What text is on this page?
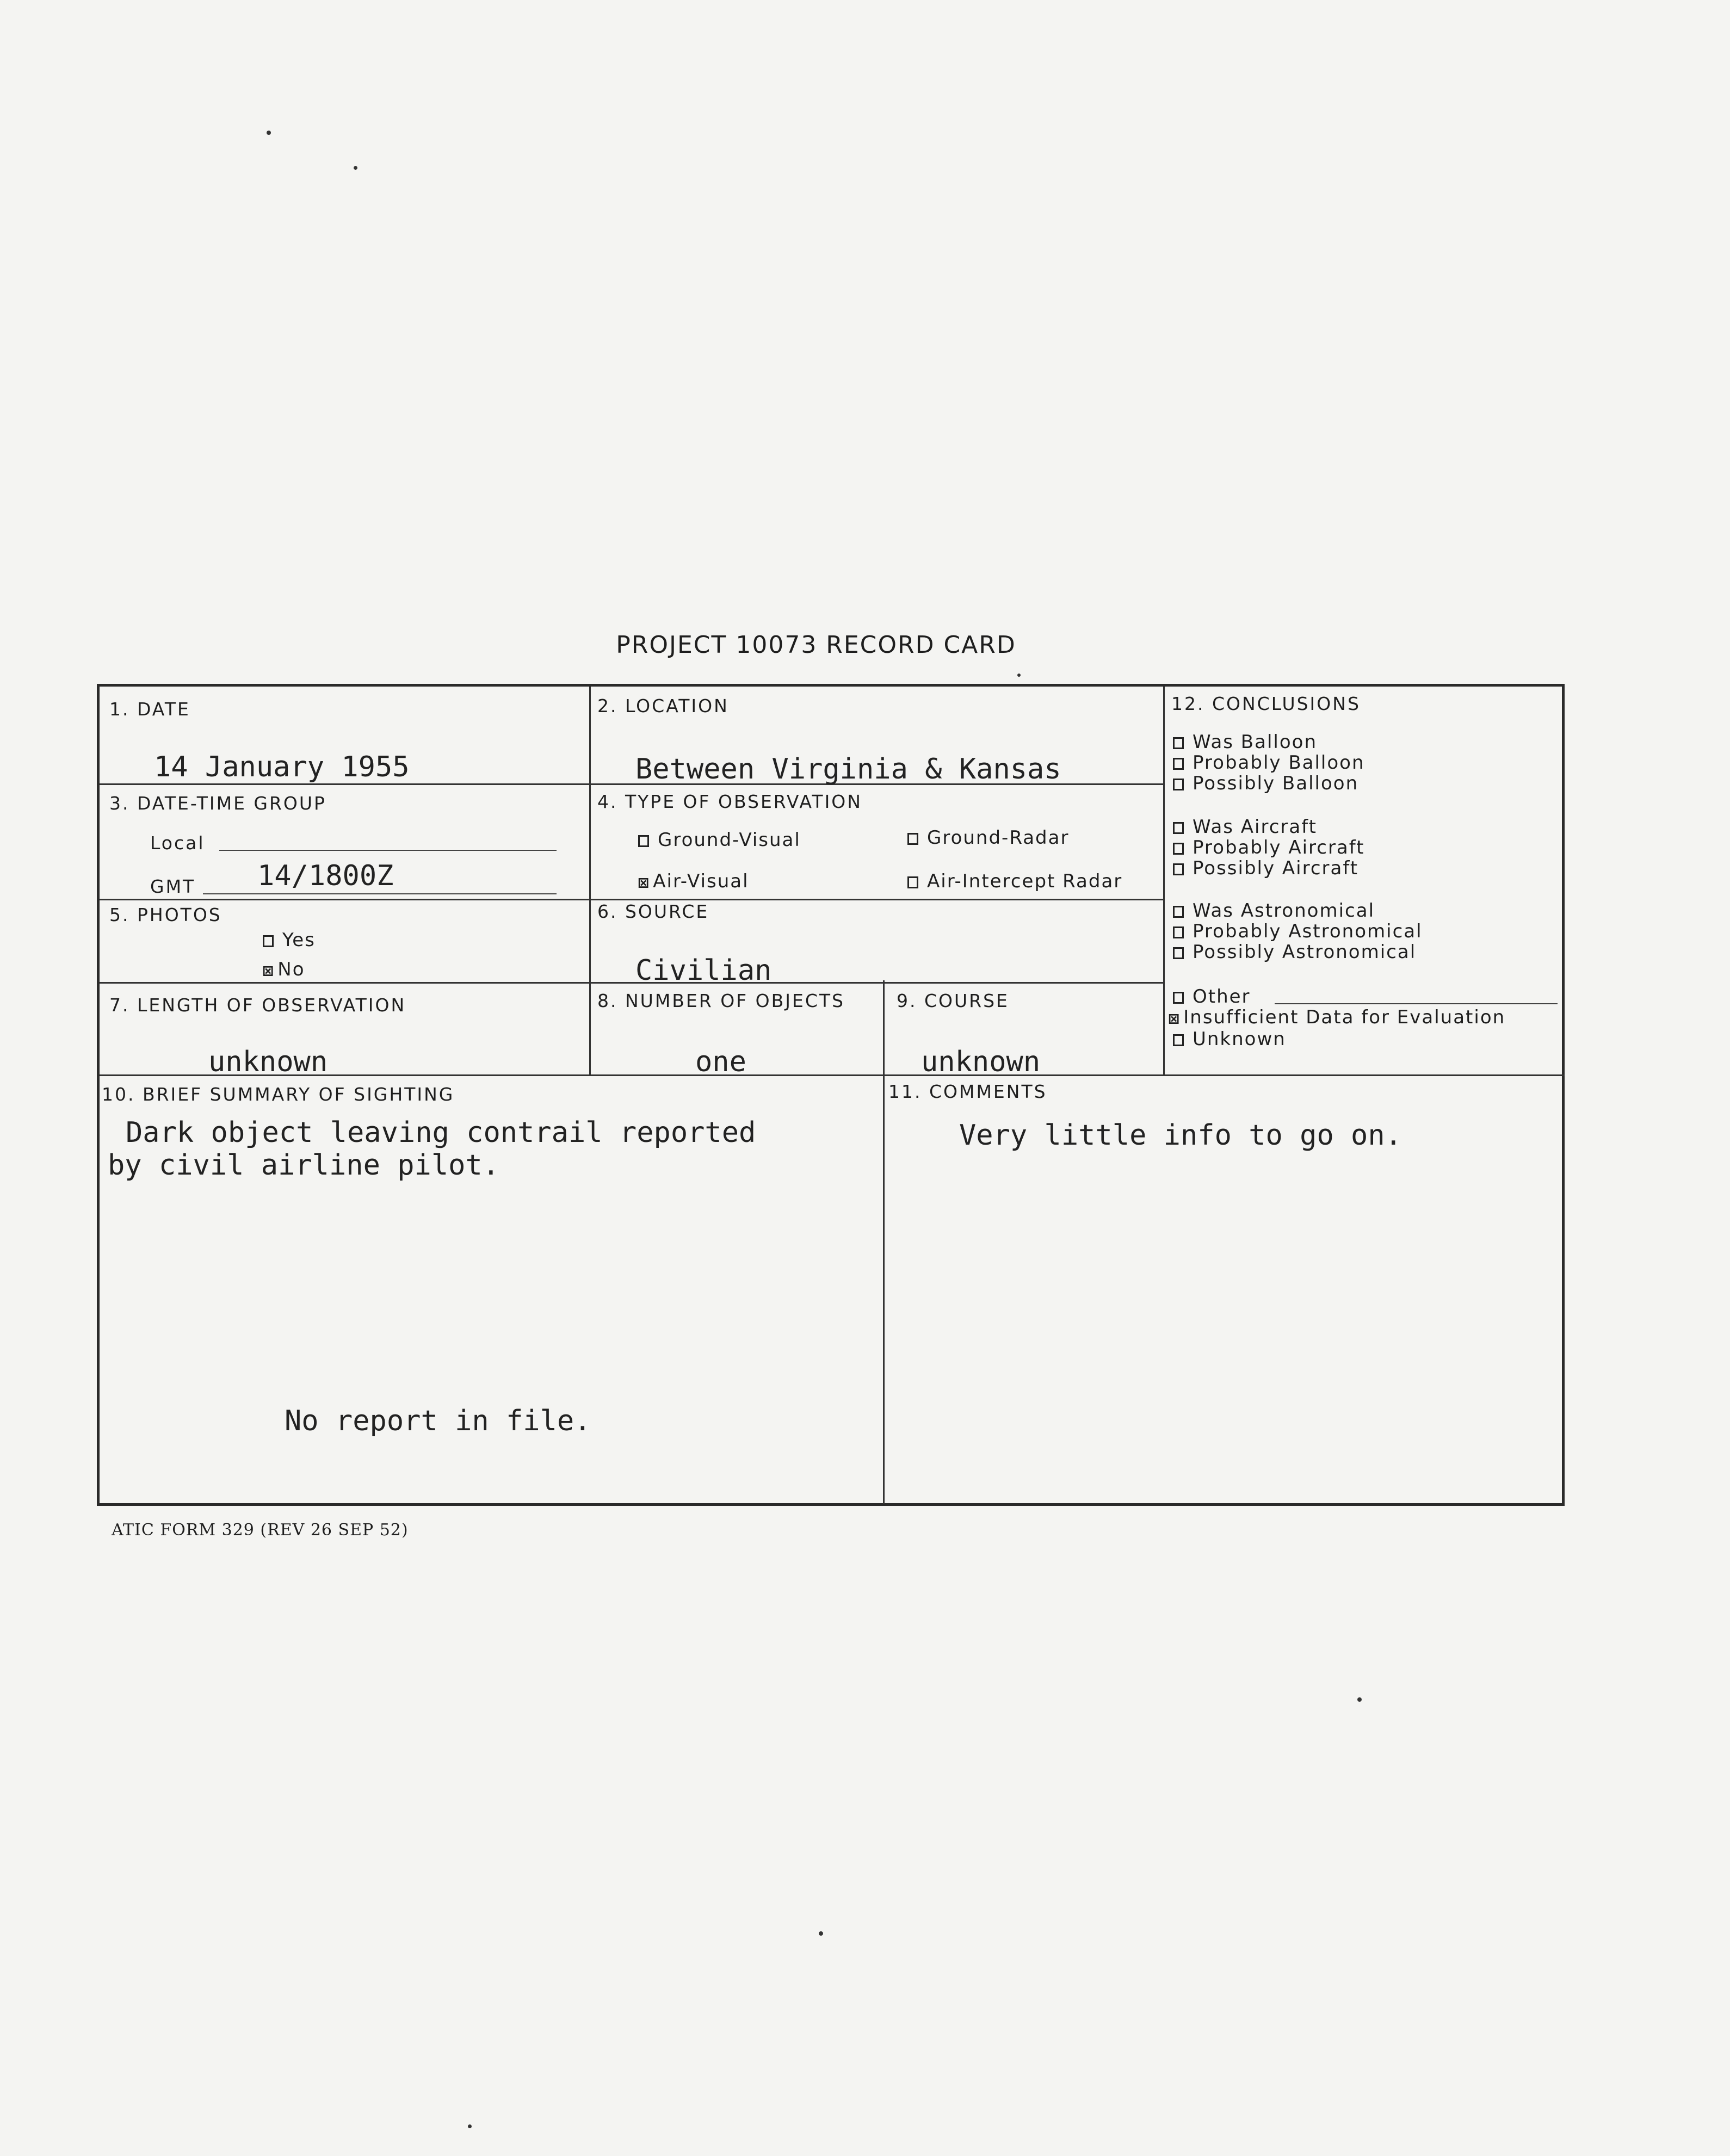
PROJECT 10073 RECORD CARD
1. DATE
14 January 1955
2. LOCATION
Between Virginia & Kansas
3. DATE-TIME GROUP
Local
GMT 14/1800Z
4. TYPE OF OBSERVATION
Ground-Visual	Ground-Radar
⊠ Air-Visual	Air-Intercept Radar
5. PHOTOS
Yes
⊠ No
6. SOURCE
Civilian
7. LENGTH OF OBSERVATION
unknown
8. NUMBER OF OBJECTS
one
9. COURSE
unknown
10. BRIEF SUMMARY OF SIGHTING
Dark object leaving contrail reported
by civil airline pilot.
No report in file.
11. COMMENTS
Very little info to go on.
12. CONCLUSIONS
Was Balloon
Probably Balloon
Possibly Balloon
Was Aircraft
Probably Aircraft
Possibly Aircraft
Was Astronomical
Probably Astronomical
Possibly Astronomical
Other
⊠ Insufficient Data for Evaluation
Unknown
ATIC FORM 329 (REV 26 SEP 52)
